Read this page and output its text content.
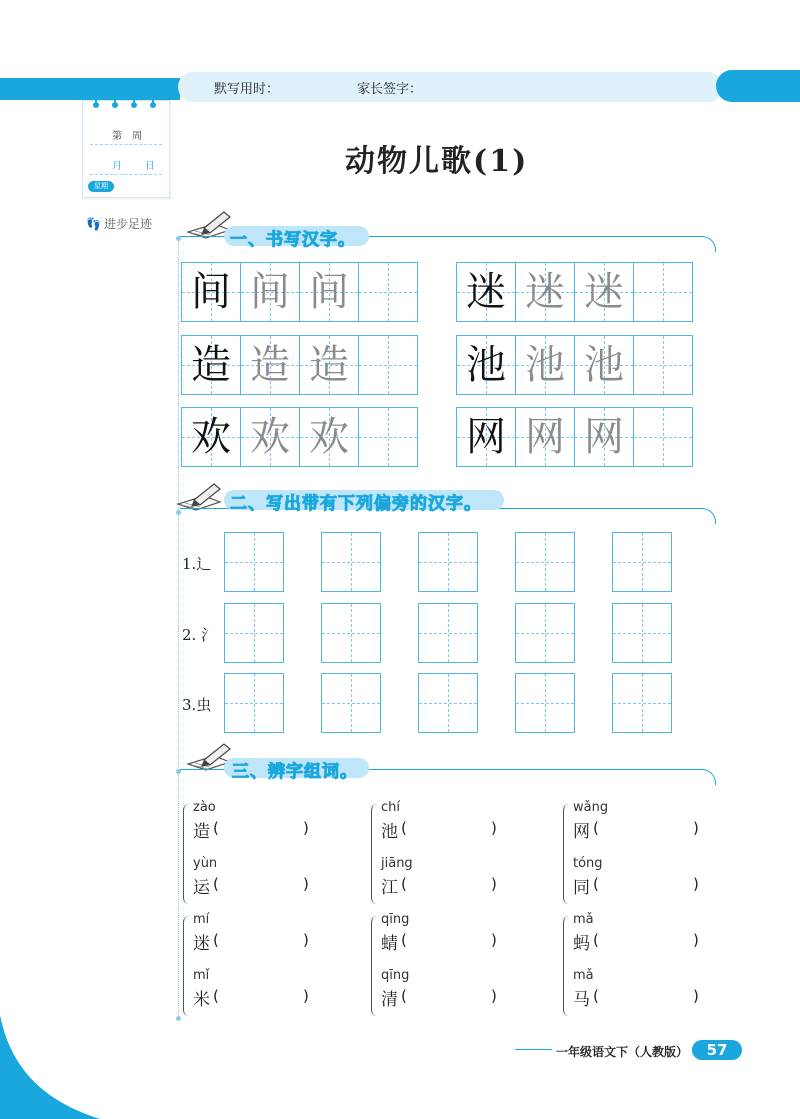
默写用时：	家长签字：
第　周
月 日
星期
👣 进步足迹
动物儿歌(1)
一、书写汉字。
间 间 间
造 造 造
欢 欢 欢
迷 迷 迷
池 池 池
网 网 网
二、写出带有下列偏旁的汉字。
1.辶
2. 氵
3.虫
三、辨字组词。
zào
造 (	)
yùn
运 (	)
chí
池 (	)
jiāng
江 (	)
wǎng
网 (	)
tóng
同 (	)
mí
迷 (	)
mǐ
米 (	)
qīng
蜻 (	)
qīng
清 (	)
mǎ
蚂 (	)
mǎ
马 (	)
一年级语文下（人教版）	57
